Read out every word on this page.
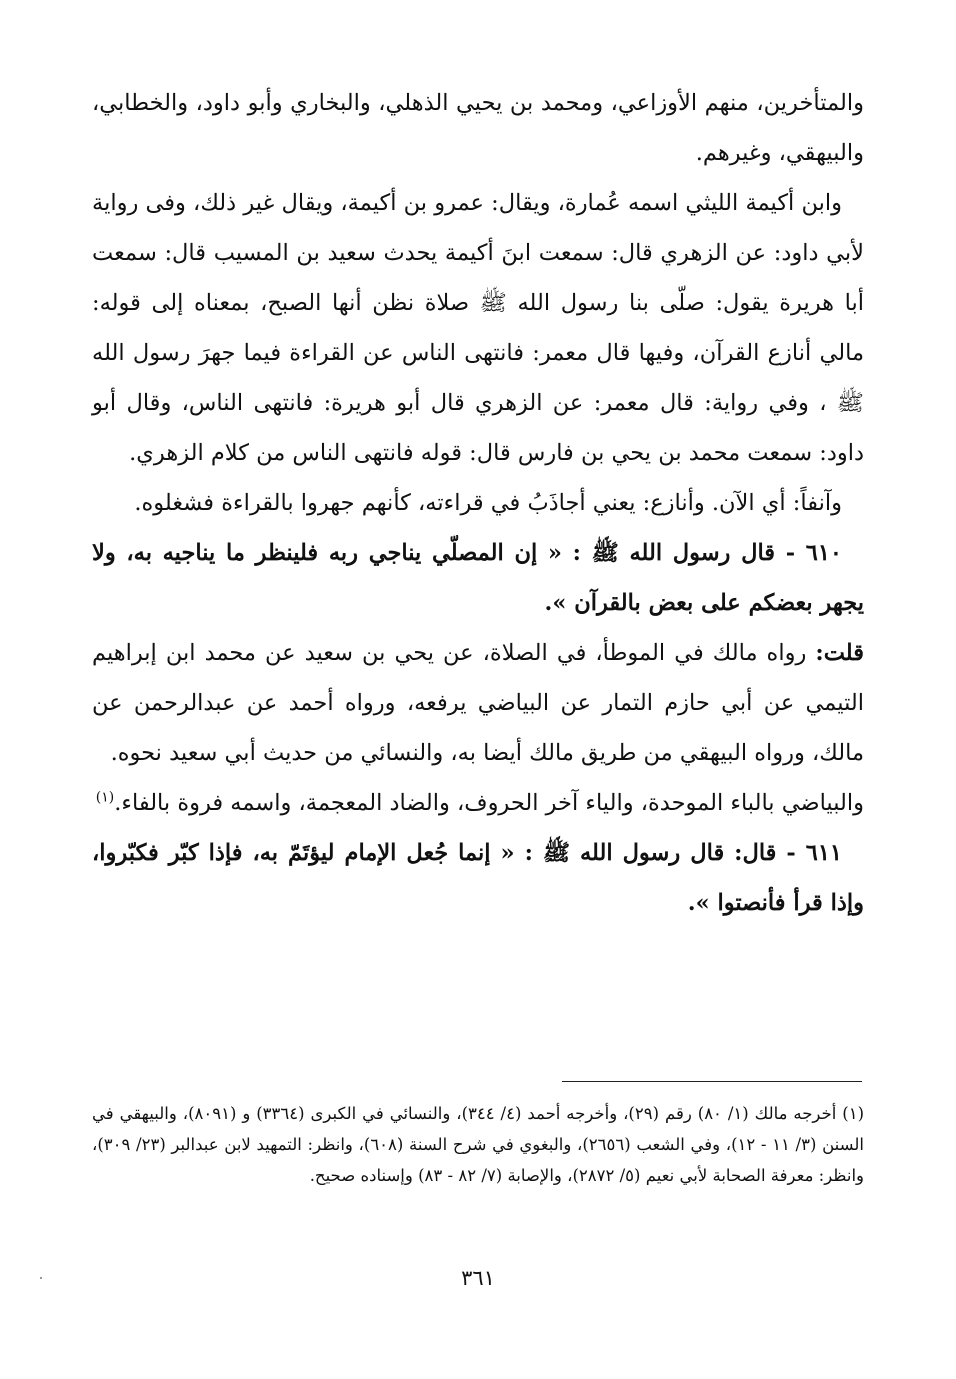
والمتأخرين، منهم الأوزاعي، ومحمد بن يحيي الذهلي، والبخاري وأبو داود، والخطابي، والبيهقي، وغيرهم.

وابن أكيمة الليثي اسمه عُمارة، ويقال: عمرو بن أكيمة، ويقال غير ذلك، وفى رواية لأبي داود: عن الزهري قال: سمعت ابنَ أكيمة يحدث سعيد بن المسيب قال: سمعت أبا هريرة يقول: صلّى بنا رسول الله ﷺ صلاة نظن أنها الصبح، بمعناه إلى قوله: مالي أنازع القرآن، وفيها قال معمر: فانتهى الناس عن القراءة فيما جهرَ رسول الله ﷺ ، وفي رواية: قال معمر: عن الزهري قال أبو هريرة: فانتهى الناس، وقال أبو داود: سمعت محمد بن يحي بن فارس قال: قوله فانتهى الناس من كلام الزهري.

وآنفاً: أي الآن. وأنازع: يعني أجاذَبُ في قراءته، كأنهم جهروا بالقراءة فشغلوه.

٦١٠ - قال رسول الله ﷺ : « إن المصلّي يناجي ربه فلينظر ما يناجيه به، ولا يجهر بعضكم على بعض بالقرآن ».

قلت: رواه مالك في الموطأ، في الصلاة، عن يحي بن سعيد عن محمد ابن إبراهيم التيمي عن أبي حازم التمار عن البياضي يرفعه، ورواه أحمد عن عبدالرحمن عن مالك، ورواه البيهقي من طريق مالك أيضا به، والنسائي من حديث أبي سعيد نحوه.

والبياضي بالباء الموحدة، والياء آخر الحروف، والضاد المعجمة، واسمه فروة بالفاء.$^{(١)}$

٦١١ - قال: قال رسول الله ﷺ : « إنما جُعل الإمام ليؤتَمّ به، فإذا كبّر فكبّروا، وإذا قرأ فأنصتوا ».

(١) أخرجه مالك (١/ ٨٠) رقم (٢٩)، وأخرجه أحمد (٤/ ٣٤٤)، والنسائي في الكبرى (٣٣٦٤) و (٨٠٩١)، والبيهقي في السنن (٣/ ١١ - ١٢)، وفي الشعب (٢٦٥٦)، والبغوي في شرح السنة (٦٠٨)، وانظر: التمهيد لابن عبدالبر (٢٣/ ٣٠٩)، وانظر: معرفة الصحابة لأبي نعيم (٥/ ٢٨٧٢)، والإصابة (٧/ ٨٢ - ٨٣) وإسناده صحيح.

٣٦١
